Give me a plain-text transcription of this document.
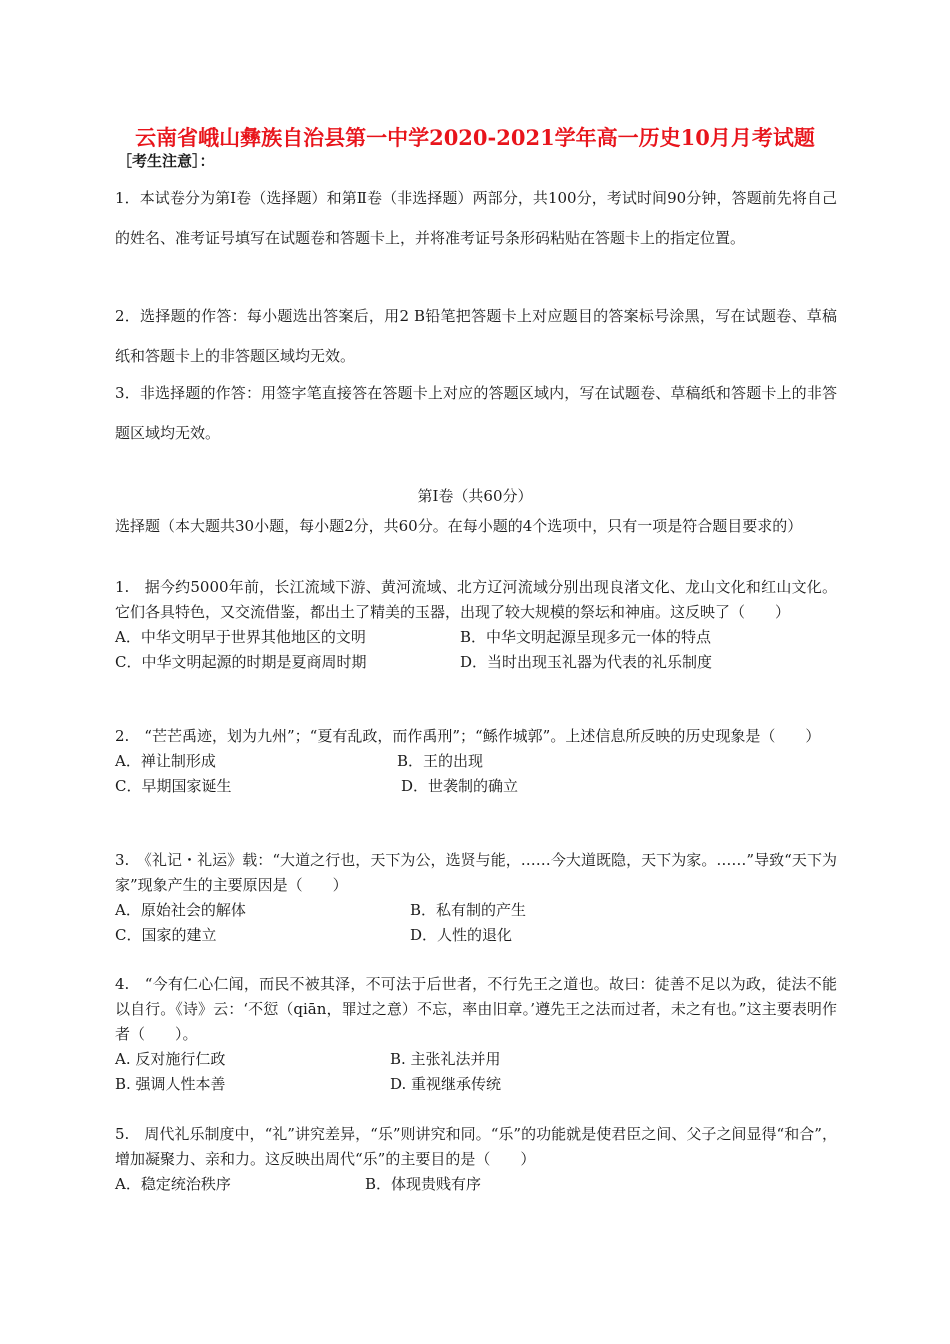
云南省峨山彝族自治县第一中学2020-2021学年高一历史10月月考试题
［考生注意］：
1．本试卷分为第Ⅰ卷（选择题）和第Ⅱ卷（非选择题）两部分，共100分，考试时间90分钟，答题前先将自己的姓名、准考证号填写在试题卷和答题卡上，并将准考证号条形码粘贴在答题卡上的指定位置。
2．选择题的作答：每小题选出答案后，用2 B铅笔把答题卡上对应题目的答案标号涂黑，写在试题卷、草稿纸和答题卡上的非答题区域均无效。
3．非选择题的作答：用签字笔直接答在答题卡上对应的答题区域内，写在试题卷、草稿纸和答题卡上的非答题区域均无效。
第Ⅰ卷（共60分）
选择题（本大题共30小题，每小题2分，共60分。在每小题的4个选项中，只有一项是符合题目要求的）
1.　据今约5000年前，长江流域下游、黄河流域、北方辽河流域分别出现良渚文化、龙山文化和红山文化。它们各具特色，又交流借鉴，都出土了精美的玉器，出现了较大规模的祭坛和神庙。这反映了（　　）
A．中华文明早于世界其他地区的文明	B．中华文明起源呈现多元一体的特点
C．中华文明起源的时期是夏商周时期	D．当时出现玉礼器为代表的礼乐制度
2.　“芒芒禹迹，划为九州”；“夏有乱政，而作禹刑”；“鲧作城郭”。上述信息所反映的历史现象是（　　）
A．禅让制形成	B．王的出现
C．早期国家诞生	D．世袭制的确立
3.　《礼记・礼运》载：“大道之行也，天下为公，选贤与能，……今大道既隐，天下为家。……”导致“天下为家”现象产生的主要原因是（　　）
A．原始社会的解体	B．私有制的产生
C．国家的建立	D．人性的退化
4.　“今有仁心仁闻，而民不被其泽，不可法于后世者，不行先王之道也。故曰：徒善不足以为政，徒法不能以自行。《诗》云：‘不愆（qiān，罪过之意）不忘，率由旧章。’遵先王之法而过者，未之有也。”这主要表明作者（　　）。
A. 反对施行仁政	B. 主张礼法并用
B. 强调人性本善	D. 重视继承传统
5.　周代礼乐制度中，“礼”讲究差异，“乐”则讲究和同。“乐”的功能就是使君臣之间、父子之间显得“和合”，增加凝聚力、亲和力。这反映出周代“乐”的主要目的是（　　）
A．稳定统治秩序	B．体现贵贱有序
